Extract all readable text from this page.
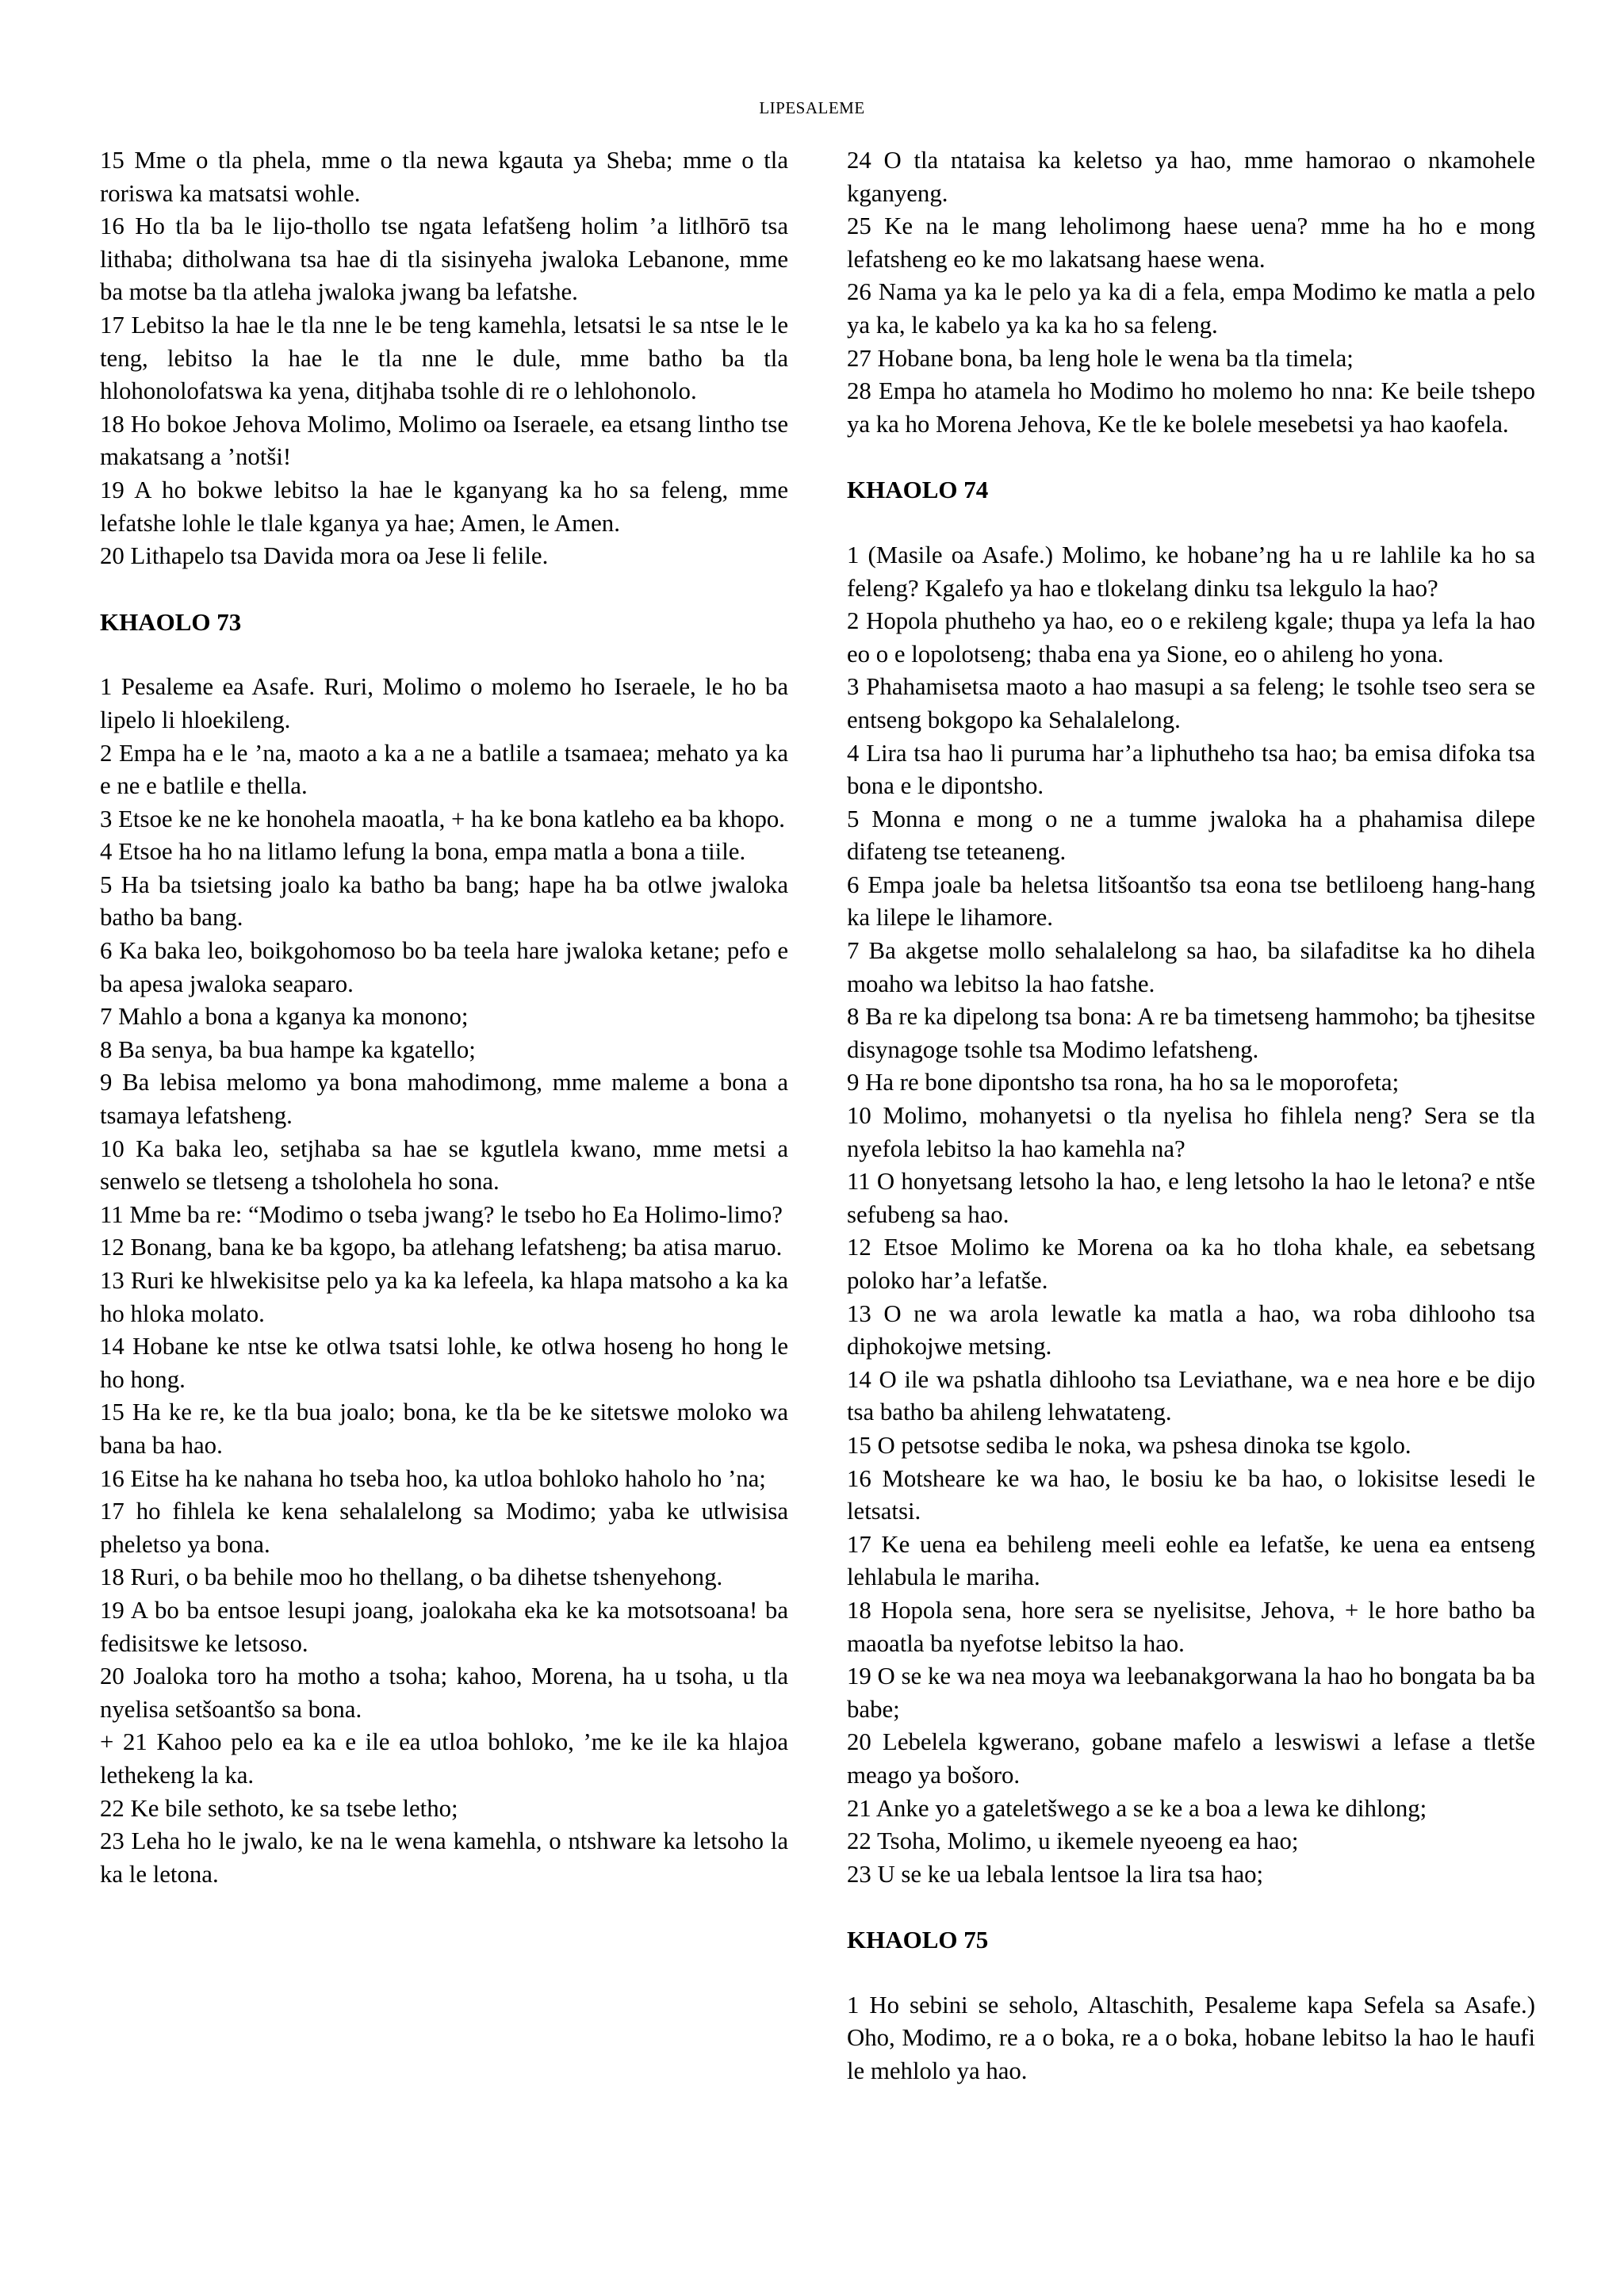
LIPESALEME

15 Mme o tla phela, mme o tla newa kgauta ya Sheba; mme o tla roriswa ka matsatsi wohle.

16 Ho tla ba le lijo-thollo tse ngata lefatšeng holim ’a litlhōrō tsa lithaba; ditholwana tsa hae di tla sisinyeha jwaloka Lebanone, mme ba motse ba tla atleha jwaloka jwang ba lefatshe.

17 Lebitso la hae le tla nne le be teng kamehla, letsatsi le sa ntse le le teng, lebitso la hae le tla nne le dule, mme batho ba tla hlohonolofatswa ka yena, ditjhaba tsohle di re o lehlohonolo.

18 Ho bokoe Jehova Molimo, Molimo oa Iseraele, ea etsang lintho tse makatsang a ’notši!

19 A ho bokwe lebitso la hae le kganyang ka ho sa feleng, mme lefatshe lohle le tlale kganya ya hae; Amen, le Amen.

20 Lithapelo tsa Davida mora oa Jese li felile.

KHAOLO 73

1 Pesaleme ea Asafe. Ruri, Molimo o molemo ho Iseraele, le ho ba lipelo li hloekileng.

2 Empa ha e le ’na, maoto a ka a ne a batlile a tsamaea; mehato ya ka e ne e batlile e thella.

3 Etsoe ke ne ke honohela maoatla, + ha ke bona katleho ea ba khopo.

4 Etsoe ha ho na litlamo lefung la bona, empa matla a bona a tiile.

5 Ha ba tsietsing joalo ka batho ba bang; hape ha ba otlwe jwaloka batho ba bang.

6 Ka baka leo, boikgohomoso bo ba teela hare jwaloka ketane; pefo e ba apesa jwaloka seaparo.

7 Mahlo a bona a kganya ka monono;

8 Ba senya, ba bua hampe ka kgatello;

9 Ba lebisa melomo ya bona mahodimong, mme maleme a bona a tsamaya lefatsheng.

10 Ka baka leo, setjhaba sa hae se kgutlela kwano, mme metsi a senwelo se tletseng a tsholohela ho sona.

11 Mme ba re: “Modimo o tseba jwang? le tsebo ho Ea Holimo-limo?

12 Bonang, bana ke ba kgopo, ba atlehang lefatsheng; ba atisa maruo.

13 Ruri ke hlwekisitse pelo ya ka ka lefeela, ka hlapa matsoho a ka ka ho hloka molato.

14 Hobane ke ntse ke otlwa tsatsi lohle, ke otlwa hoseng ho hong le ho hong.

15 Ha ke re, ke tla bua joalo; bona, ke tla be ke sitetswe moloko wa bana ba hao.

16 Eitse ha ke nahana ho tseba hoo, ka utloa bohloko haholo ho ’na;

17 ho fihlela ke kena sehalalelong sa Modimo; yaba ke utlwisisa pheletso ya bona.

18 Ruri, o ba behile moo ho thellang, o ba dihetse tshenyehong.

19 A bo ba entsoe lesupi joang, joalokaha eka ke ka motsotsoana! ba fedisitswe ke letsoso.

20 Joaloka toro ha motho a tsoha; kahoo, Morena, ha u tsoha, u tla nyelisa setšoantšo sa bona.

+ 21 Kahoo pelo ea ka e ile ea utloa bohloko, ’me ke ile ka hlajoa lethekeng la ka.

22 Ke bile sethoto, ke sa tsebe letho;

23 Leha ho le jwalo, ke na le wena kamehla, o ntshware ka letsoho la ka le letona.

24 O tla ntataisa ka keletso ya hao, mme hamorao o nkamohele kganyeng.

25 Ke na le mang leholimong haese uena? mme ha ho e mong lefatsheng eo ke mo lakatsang haese wena.

26 Nama ya ka le pelo ya ka di a fela, empa Modimo ke matla a pelo ya ka, le kabelo ya ka ka ho sa feleng.

27 Hobane bona, ba leng hole le wena ba tla timela;

28 Empa ho atamela ho Modimo ho molemo ho nna: Ke beile tshepo ya ka ho Morena Jehova, Ke tle ke bolele mesebetsi ya hao kaofela.

KHAOLO 74

1 (Masile oa Asafe.) Molimo, ke hobane’ng ha u re lahlile ka ho sa feleng? Kgalefo ya hao e tlokelang dinku tsa lekgulo la hao?

2 Hopola phutheho ya hao, eo o e rekileng kgale; thupa ya lefa la hao eo o e lopolotseng; thaba ena ya Sione, eo o ahileng ho yona.

3 Phahamisetsa maoto a hao masupi a sa feleng; le tsohle tseo sera se entseng bokgopo ka Sehalalelong.

4 Lira tsa hao li puruma har’a liphutheho tsa hao; ba emisa difoka tsa bona e le dipontsho.

5 Monna e mong o ne a tumme jwaloka ha a phahamisa dilepe difateng tse teteaneng.

6 Empa joale ba heletsa litšoantšo tsa eona tse betliloeng hang-hang ka lilepe le lihamore.

7 Ba akgetse mollo sehalalelong sa hao, ba silafaditse ka ho dihela moaho wa lebitso la hao fatshe.

8 Ba re ka dipelong tsa bona: A re ba timetseng hammoho; ba tjhesitse disynagoge tsohle tsa Modimo lefatsheng.

9 Ha re bone dipontsho tsa rona, ha ho sa le moporofeta;

10 Molimo, mohanyetsi o tla nyelisa ho fihlela neng? Sera se tla nyefola lebitso la hao kamehla na?

11 O honyetsang letsoho la hao, e leng letsoho la hao le letona? e ntše sefubeng sa hao.

12 Etsoe Molimo ke Morena oa ka ho tloha khale, ea sebetsang poloko har’a lefatše.

13 O ne wa arola lewatle ka matla a hao, wa roba dihlooho tsa diphokojwe metsing.

14 O ile wa pshatla dihlooho tsa Leviathane, wa e nea hore e be dijo tsa batho ba ahileng lehwatateng.

15 O petsotse sediba le noka, wa pshesa dinoka tse kgolo.

16 Motsheare ke wa hao, le bosiu ke ba hao, o lokisitse lesedi le letsatsi.

17 Ke uena ea behileng meeli eohle ea lefatše, ke uena ea entseng lehlabula le mariha.

18 Hopola sena, hore sera se nyelisitse, Jehova, + le hore batho ba maoatla ba nyefotse lebitso la hao.

19 O se ke wa nea moya wa leebanakgorwana la hao ho bongata ba ba babe;

20 Lebelela kgwerano, gobane mafelo a leswiswi a lefase a tletše meago ya bošoro.

21 Anke yo a gateletšwego a se ke a boa a lewa ke dihlong;

22 Tsoha, Molimo, u ikemele nyeoeng ea hao;

23 U se ke ua lebala lentsoe la lira tsa hao;

KHAOLO 75

1 Ho sebini se seholo, Altaschith, Pesaleme kapa Sefela sa Asafe.) Oho, Modimo, re a o boka, re a o boka, hobane lebitso la hao le haufi le mehlolo ya hao.
